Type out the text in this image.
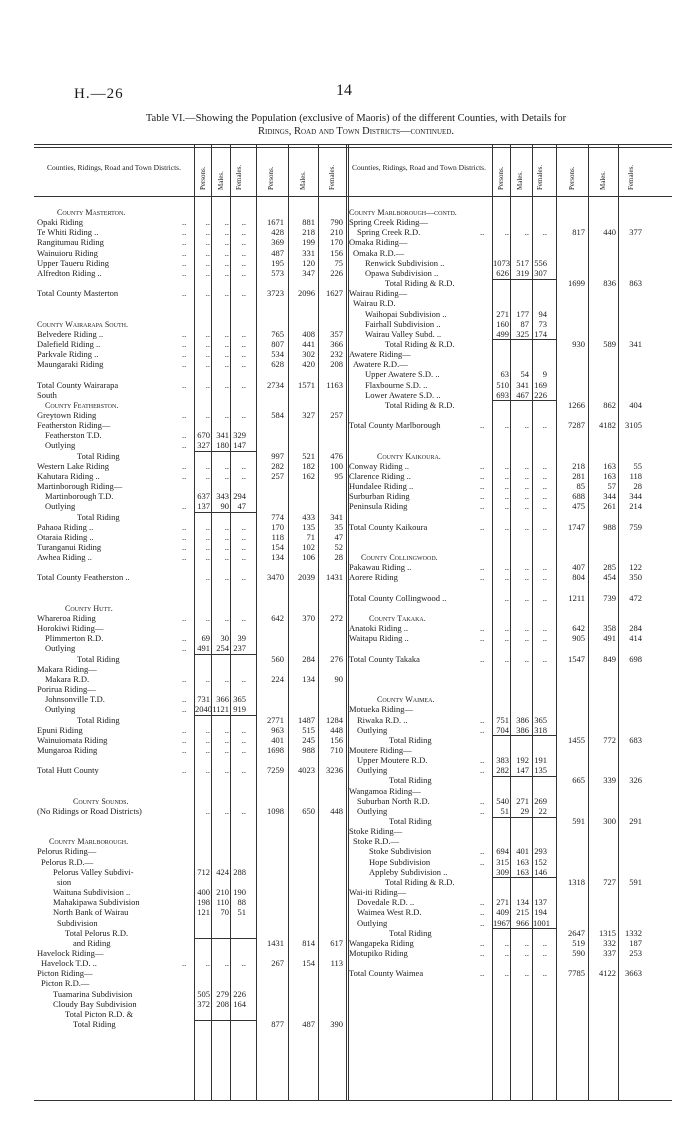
H.—26	14
Table VI.—Showing the Population (exclusive of Maoris) of the different Counties, with Details for
Ridings, Road and Town Districts—continued.
Counties, Ridings, Road and Town Districts.	Persons. Males. Females.	Persons.	Males.	Females.	Counties, Ridings, Road and Town Districts.	Persons. Males. Females.	Persons.	Males.	Females.
County Masterton.
Opaki Riding	..	..	..	..	1671	881	790
Te Whiti Riding ..	..	..	..	..	428	218	210
Rangitumau Riding	..	..	..	..	369	199	170
Wainuioru Riding	..	..	..	..	487	331	156
Upper Taueru Riding	..	..	..	..	195	120	75
Alfredton Riding ..	..	..	..	..	573	347	226
Total County Masterton	..	..	..	..	3723	2096	1627
County Wairarapa South.
Belvedere Riding ..	..	..	..	..	765	408	357
Dalefield Riding ..	..	..	..	..	807	441	366
Parkvale Riding ..	..	..	..	..	534	302	232
Maungaraki Riding	..	..	..	..	628	420	208
Total County Wairarapa	..	..	..	..	2734	1571	1163
South
County Featherston.
Greytown Riding	..	..	..	..	584	327	257
Featherston Riding—
Featherston T.D.	.. 670 341 329
Outlying	.. 327 180 147
Total Riding	997	521	476
Western Lake Riding	..	..	..	..	282	182	100
Kahutara Riding ..	..	..	..	..	257	162	95
Martinborough Riding—
Martinborough T.D.	637 343 294
Outlying	.. 137	90	47
Total Riding	774	433	341
Pahaoa Riding ..	..	..	..	..	170	135	35
Otaraia Riding ..	..	..	..	..	118	71	47
Turanganui Riding	..	..	..	..	154	102	52
Awhea Riding ..	..	..	..	..	134	106	28
Total County Featherston ..	..	..	..	3470	2039	1431
County Hutt.
Whareroa Riding	..	..	..	..	642	370	272
Horokiwi Riding—
Plimmerton R.D.	..	69	30	39
Outlying	.. 491 254 237
Total Riding	560	284	276
Makara Riding—
Makara R.D.	..	..	..	..	224	134	90
Porirua Riding—
Johnsonville T.D.	.. 731 366 365
Outlying	.. 2040 1121 919
Total Riding	2771	1487	1284
Epuni Riding	..	..	..	..	963	515	448
Wainuiomata Riding	..	..	..	..	401	245	156
Mungaroa Riding	..	..	..	..	1698	988	710
Total Hutt County	..	..	..	..	7259	4023	3236
County Sounds.
(No Ridings or Road Districts)	..	..	..	1098	650	448
County Marlborough.
Pelorus Riding—
Pelorus R.D.—
Pelorus Valley Subdivi-	712 424 288
sion
Waituna Subdivision ..	400 210 190
Mahakipawa Subdivision	198 110	88
North Bank of Wairau	121	70	51
Subdivision
Total Pelorus R.D.
and Riding	1431	814	617
Havelock Riding—
Havelock T.D. ..	..	..	..	..	267	154	113
Picton Riding—
Picton R.D.—
Tuamarina Subdivision	505 279 226
Cloudy Bay Subdivision	372 208 164
Total Picton R.D. &
Total Riding	877	487	390
County Marlborough—contd.
Spring Creek Riding—
Spring Creek R.D.	..	..	..	..	817	440	377
Omaka Riding—
Omaka R.D.—
Renwick Subdivision ..	1073 517 556
Opawa Subdivision ..	626 319 307
Total Riding & R.D.	1699	836	863
Wairau Riding—
Wairau R.D.
Waihopai Subdivision ..	271 177	94
Fairhall Subdivision ..	160	87	73
Wairau Valley Subd. ..	499 325 174
Total Riding & R.D.	930	589	341
Awatere Riding—
Awatere R.D.—
Upper Awatere S.D. ..	63	54	9
Flaxbourne S.D. ..	510 341 169
Lower Awatere S.D. ..	693 467 226
Total Riding & R.D.	1266	862	404
Total County Marlborough	..	..	..	..	7287	4182	3105
County Kaikoura.
Conway Riding ..	..	..	..	..	218	163	55
Clarence Riding ..	..	..	..	..	281	163	118
Hundalee Riding ..	..	..	..	..	85	57	28
Surburban Riding	..	..	..	..	688	344	344
Peninsula Riding	..	..	..	..	475	261	214
Total County Kaikoura	..	..	..	..	1747	988	759
County Collingwood.
Pakawau Riding ..	..	..	..	..	407	285	122
Aorere Riding	..	..	..	..	804	454	350
Total County Collingwood ..	..	..	..	1211	739	472
County Takaka.
Anatoki Riding ..	..	..	..	..	642	358	284
Waitapu Riding ..	..	..	..	..	905	491	414
Total County Takaka	..	..	..	..	1547	849	698
County Waimea.
Motueka Riding—
Riwaka R.D. ..	..	751 386 365
Outlying	..	704 386 318
Total Riding	1455	772	683
Moutere Riding—
Upper Moutere R.D.	..	383 192 191
Outlying	..	282 147 135
Total Riding	665	339	326
Wangamoa Riding—
Suburban North R.D.	..	540 271 269
Outlying	..	51	29	22
Total Riding	591	300	291
Stoke Riding—
Stoke R.D.—
Stoke Subdivision	..	694 401 293
Hope Subdivision	..	315 163 152
Appleby Subdivision ..	309 163 146
Total Riding & R.D.	1318	727	591
Wai-iti Riding—
Dovedale R.D. ..	..	271 134 137
Waimea West R.D.	..	409 215 194
Outlying	.. 1967 966 1001
Total Riding	2647	1315	1332
Wangapeka Riding	..	..	..	..	519	332	187
Motupiko Riding	..	..	..	..	590	337	253
Total County Waimea	..	..	..	..	7785	4122	3663
